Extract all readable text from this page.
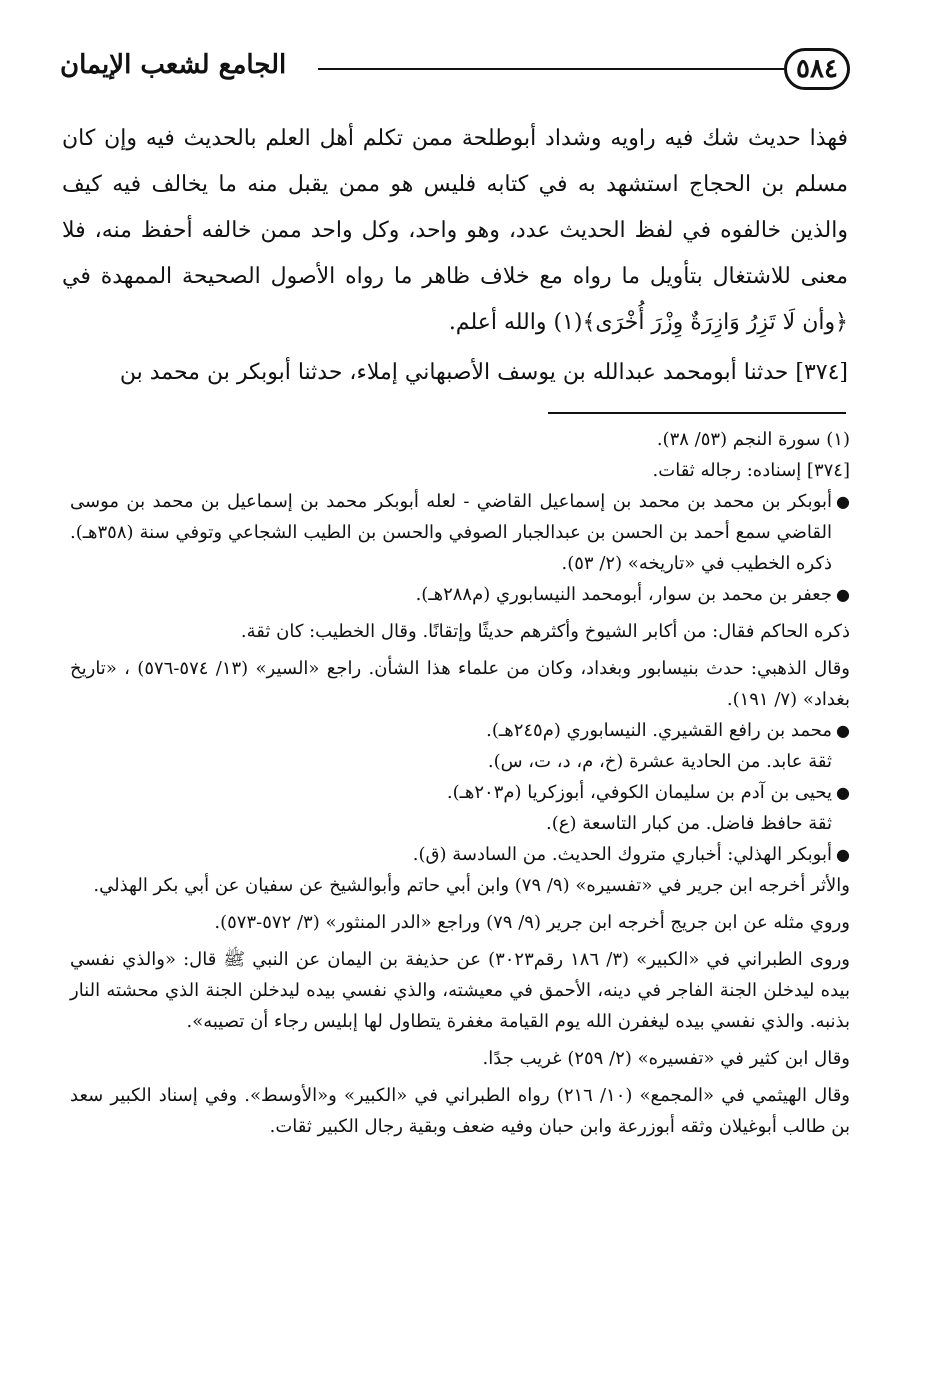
٥٨٤
الجامع لشعب الإيمان

فهذا حديث شك فيه راويه وشداد أبوطلحة ممن تكلم أهل العلم بالحديث فيه وإن كان مسلم بن الحجاج استشهد به في كتابه فليس هو ممن يقبل منه ما يخالف فيه كيف والذين خالفوه في لفظ الحديث عدد، وهو واحد، وكل واحد ممن خالفه أحفظ منه، فلا معنى للاشتغال بتأويل ما رواه مع خلاف ظاهر ما رواه الأصول الصحيحة الممهدة في ﴿وأن لَا تَزِرُ وَازِرَةٌ وِزْرَ أُخْرَى﴾(١) والله أعلم.

[٣٧٤] حدثنا أبومحمد عبدالله بن يوسف الأصبهاني إملاء، حدثنا أبوبكر بن محمد بن

(١) سورة النجم (٥٣/ ٣٨).

[٣٧٤] إسناده: رجاله ثقات.

●
أبوبكر بن محمد بن محمد بن إسماعيل القاضي - لعله أبوبكر محمد بن إسماعيل بن محمد بن موسى القاضي سمع أحمد بن الحسن بن عبدالجبار الصوفي والحسن بن الطيب الشجاعي وتوفي سنة (٣٥٨هـ). ذكره الخطيب في «تاريخه» (٢/ ٥٣).

●
جعفر بن محمد بن سوار، أبومحمد النيسابوري (م٢٨٨هـ).

ذكره الحاكم فقال: من أكابر الشيوخ وأكثرهم حديثًا وإتقانًا. وقال الخطيب: كان ثقة.

وقال الذهبي: حدث بنيسابور وبغداد، وكان من علماء هذا الشأن. راجع «السير» (١٣/ ٥٧٤-٥٧٦) ، «تاريخ بغداد» (٧/ ١٩١).

●
محمد بن رافع القشيري. النيسابوري (م٢٤٥هـ).

ثقة عابد. من الحادية عشرة (خ، م، د، ت، س).

●
يحيى بن آدم بن سليمان الكوفي، أبوزكريا (م٢٠٣هـ).

ثقة حافظ فاضل. من كبار التاسعة (ع).

●
أبوبكر الهذلي: أخباري متروك الحديث. من السادسة (ق).

والأثر أخرجه ابن جرير في «تفسيره» (٩/ ٧٩) وابن أبي حاتم وأبوالشيخ عن سفيان عن أبي بكر الهذلي.

وروي مثله عن ابن جريج أخرجه ابن جرير (٩/ ٧٩) وراجع «الدر المنثور» (٣/ ٥٧٢-٥٧٣).

وروى الطبراني في «الكبير» (٣/ ١٨٦ رقم٣٠٢٣) عن حذيفة بن اليمان عن النبي ﷺ قال: «والذي نفسي بيده ليدخلن الجنة الفاجر في دينه، الأحمق في معيشته، والذي نفسي بيده ليدخلن الجنة الذي محشته النار بذنبه. والذي نفسي بيده ليغفرن الله يوم القيامة مغفرة يتطاول لها إبليس رجاء أن تصيبه».

وقال ابن كثير في «تفسيره» (٢/ ٢٥٩) غريب جدًا.

وقال الهيثمي في «المجمع» (١٠/ ٢١٦) رواه الطبراني في «الكبير» و«الأوسط». وفي إسناد الكبير سعد بن طالب أبوغيلان وثقه أبوزرعة وابن حبان وفيه ضعف وبقية رجال الكبير ثقات.
